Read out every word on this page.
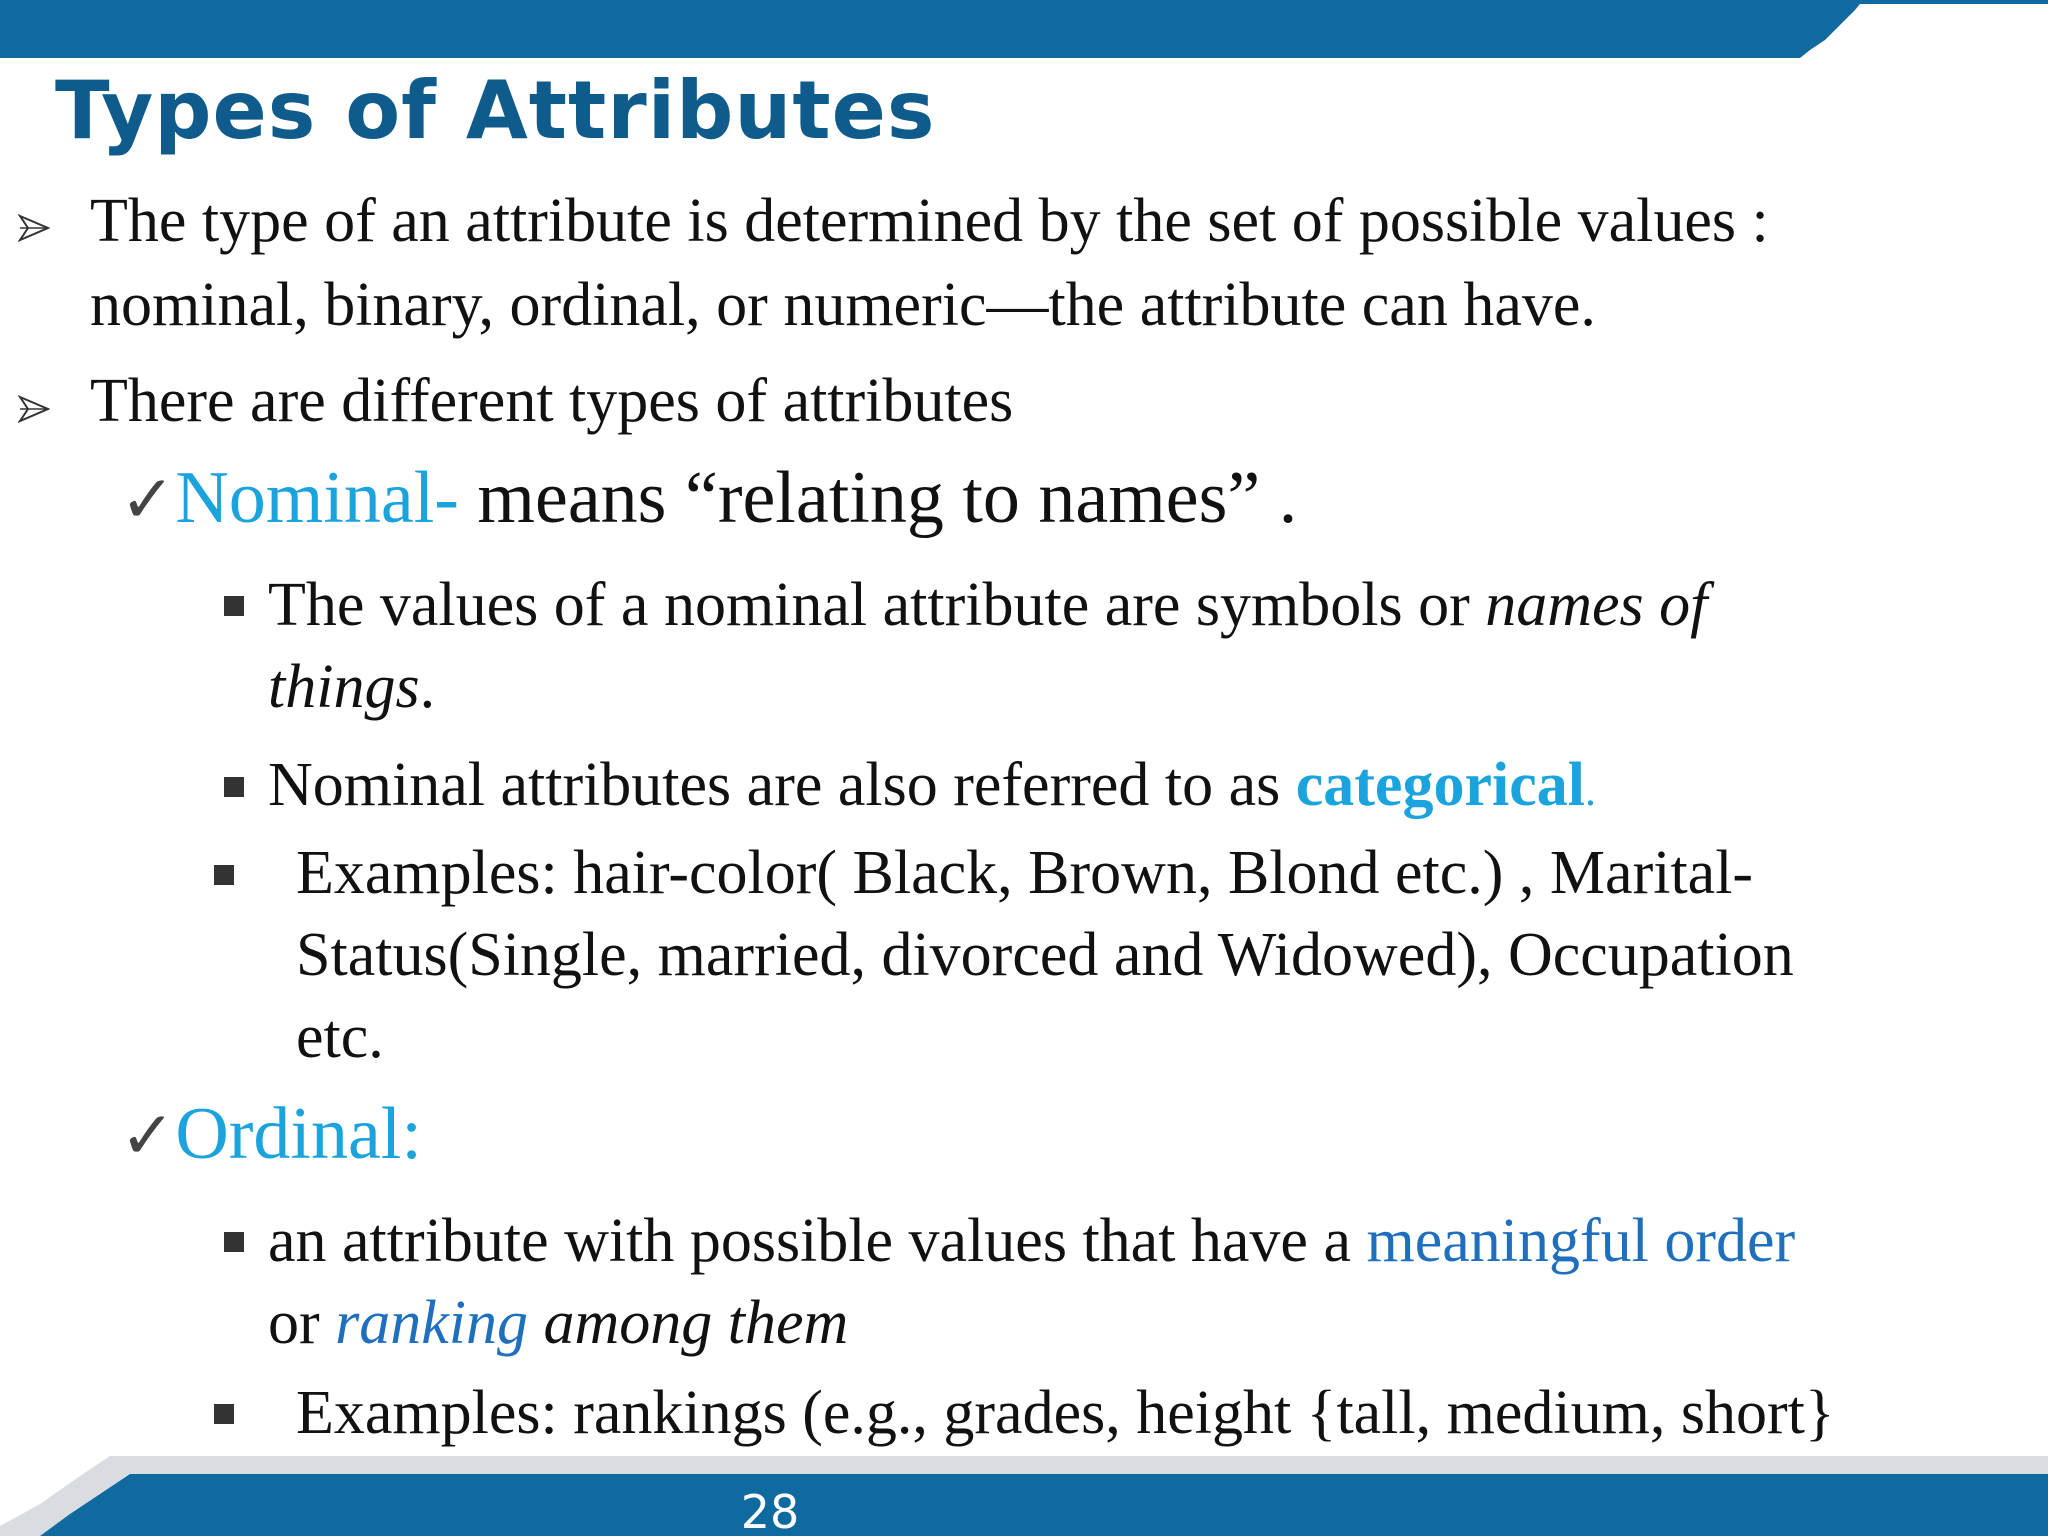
Types of Attributes
The type of an attribute is determined by the set of possible values :
nominal, binary, ordinal, or numeric—the attribute can have.
There are different types of attributes
✓Nominal- means “relating to names” .
The values of a nominal attribute are symbols or names of
things.
Nominal attributes are also referred to as categorical.
Examples: hair-color( Black, Brown, Blond etc.) , Marital-
Status(Single, married, divorced and Widowed), Occupation
etc.
✓Ordinal:
an attribute with possible values that have a meaningful order
or ranking among them
Examples: rankings (e.g., grades, height {tall, medium, short}
28
